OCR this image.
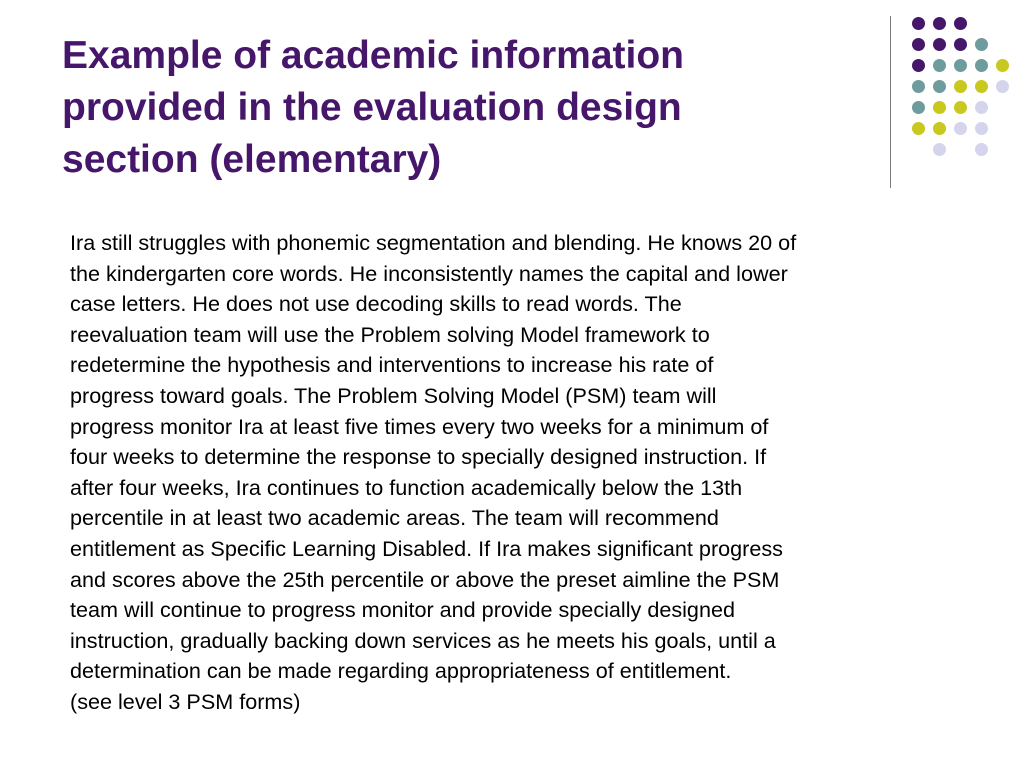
Example of academic information
provided in the evaluation design
section (elementary)
Ira still struggles with phonemic segmentation and blending. He knows 20 of
the kindergarten core words. He inconsistently names the capital and lower
case letters. He does not use decoding skills to read words. The
reevaluation team will use the Problem solving Model framework to
redetermine the hypothesis and interventions to increase his rate of
progress toward goals. The Problem Solving Model (PSM) team will
progress monitor Ira at least five times every two weeks for a minimum of
four weeks to determine the response to specially designed instruction. If
after four weeks, Ira continues to function academically below the 13th
percentile in at least two academic areas. The team will recommend
entitlement as Specific Learning Disabled. If Ira makes significant progress
and scores above the 25th percentile or above the preset aimline the PSM
team will continue to progress monitor and provide specially designed
instruction, gradually backing down services as he meets his goals, until a
determination can be made regarding appropriateness of entitlement.
(see level 3 PSM forms)
